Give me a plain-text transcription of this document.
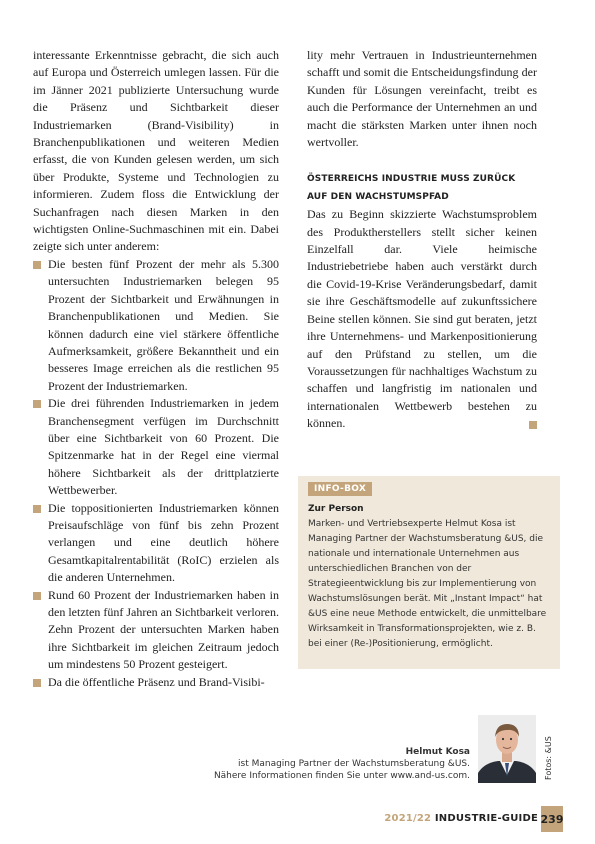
interessante Erkenntnisse gebracht, die sich auch auf Europa und Österreich umlegen lassen. Für die im Jänner 2021 publizierte Untersuchung wurde die Präsenz und Sichtbarkeit dieser Industriemarken (Brand-Visibility) in Branchenpublikationen und weiteren Medien erfasst, die von Kunden gelesen werden, um sich über Produkte, Systeme und Technologien zu informieren. Zudem floss die Entwicklung der Suchanfragen nach diesen Marken in den wichtigsten Online-Suchmaschinen mit ein. Dabei zeigte sich unter anderem:

Die besten fünf Prozent der mehr als 5.300 untersuchten Industriemarken belegen 95 Prozent der Sichtbarkeit und Erwähnungen in Branchenpublikationen und Medien. Sie können dadurch eine viel stärkere öffentliche Aufmerksamkeit, größere Bekanntheit und ein besseres Image erreichen als die restlichen 95 Prozent der Industriemarken.
Die drei führenden Industriemarken in jedem Branchensegment verfügen im Durchschnitt über eine Sichtbarkeit von 60 Prozent. Die Spitzenmarke hat in der Regel eine viermal höhere Sichtbarkeit als der drittplatzierte Wettbewerber.
Die toppositionierten Industriemarken können Preisaufschläge von fünf bis zehn Prozent verlangen und eine deutlich höhere Gesamtkapitalrentabilität (RoIC) erzielen als die anderen Unternehmen.
Rund 60 Prozent der Industriemarken haben in den letzten fünf Jahren an Sichtbarkeit verloren. Zehn Prozent der untersuchten Marken haben ihre Sichtbarkeit im gleichen Zeitraum jedoch um mindestens 50 Prozent gesteigert.
Da die öffentliche Präsenz und Brand-Visibi-

lity mehr Vertrauen in Industrieunternehmen schafft und somit die Entscheidungsfindung der Kunden für Lösungen vereinfacht, treibt es auch die Performance der Unternehmen an und macht die stärksten Marken unter ihnen noch wertvoller.

ÖSTERREICHS INDUSTRIE MUSS ZURÜCK AUF DEN WACHSTUMSPFAD

Das zu Beginn skizzierte Wachstumsproblem des Produktherstellers stellt sicher keinen Einzelfall dar. Viele heimische Industriebetriebe haben auch verstärkt durch die Covid-19-Krise Veränderungsbedarf, damit sie ihre Geschäftsmodelle auf zukunftssichere Beine stellen können. Sie sind gut beraten, jetzt ihre Unternehmens- und Markenpositionierung auf den Prüfstand zu stellen, um die Voraussetzungen für nachhaltiges Wachstum zu schaffen und langfristig im nationalen und internationalen Wettbewerb bestehen zu können.

INFO-BOX

Zur Person

Marken- und Vertriebsexperte Helmut Kosa ist Managing Partner der Wachstumsberatung &US, die nationale und internationale Unternehmen aus unterschiedlichen Branchen von der Strategieentwicklung bis zur Implementierung von Wachstumslösungen berät. Mit „Instant Impact“ hat &US eine neue Methode entwickelt, die unmittelbare Wirksamkeit in Transformationsprojekten, wie z. B. bei einer (Re-)Positionierung, ermöglicht.

Helmut Kosa
ist Managing Partner der Wachstumsberatung &US.
Nähere Informationen finden Sie unter www.and-us.com.	Fotos: &US
2021/22 INDUSTRIE-GUIDE 239
